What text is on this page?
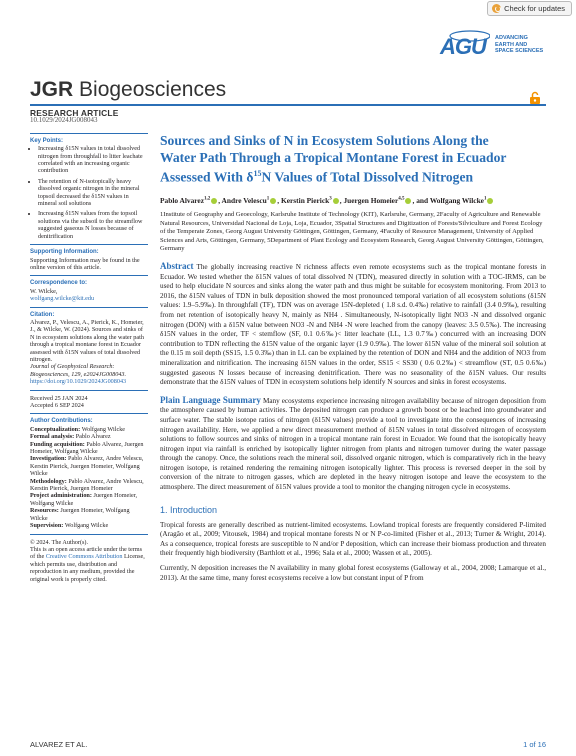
Check for updates
AGU ADVANCING
EARTH AND
SPACE SCIENCES
JGR Biogeosciences
RESEARCH ARTICLE
10.1029/2024JG008043
Key Points:
• Increasing δ15N values in total dissolved nitrogen from throughfall to litter leachate correlated with an increasing organic contribution
• The retention of N-isotopically heavy dissolved organic nitrogen in the mineral topsoil decreased the δ15N values in mineral soil solutions
• Increasing δ15N values from the topsoil solutions via the subsoil to the streamflow suggested gaseous N losses because of denitrification
Supporting Information:
Supporting Information may be found in the online version of this article.
Correspondence to:
W. Wilcke,
wolfgang.wilcke@kit.edu
Citation:
Alvarez, P., Velescu, A., Pierick, K., Homeier, J., & Wilcke, W. (2024). Sources and sinks of N in ecosystem solutions along the water path through a tropical montane forest in Ecuador assessed with δ15N values of total dissolved nitrogen.
Journal of Geophysical Research: Biogeosciences, 129, e2024JG008043.
https://doi.org/10.1029/2024JG008043
Received 25 JAN 2024
Accepted 6 SEP 2024
Author Contributions:
Conceptualization: Wolfgang Wilcke
Formal analysis: Pablo Alvarez
Funding acquisition: Pablo Alvarez, Juergen Homeier, Wolfgang Wilcke
Investigation: Pablo Alvarez, Andre Velescu, Kerstin Pierick, Juergen Homeier, Wolfgang Wilcke
Methodology: Pablo Alvarez, Andre Velescu, Kerstin Pierick, Juergen Homeier
Project administration: Juergen Homeier, Wolfgang Wilcke
Resources: Juergen Homeier, Wolfgang Wilcke
Supervision: Wolfgang Wilcke
© 2024. The Author(s).
This is an open access article under the terms of the Creative Commons Attribution License, which permits use, distribution and reproduction in any medium, provided the original work is properly cited.
Sources and Sinks of N in Ecosystem Solutions Along the
Water Path Through a Tropical Montane Forest in Ecuador
Assessed With $\delta^{15}N$ Values of Total Dissolved Nitrogen
Pablo Alvarez$^{1,2}$ , Andre Velescu$^1$ , Kerstin Pierick$^3$ , Juergen Homeier$^{4,5}$ , and Wolfgang Wilcke$^1$
1Institute of Geography and Geoecology, Karlsruhe Institute of Technology (KIT), Karlsruhe, Germany, 2Faculty of Agriculture and Renewable Natural Resources, Universidad Nacional de Loja, Loja, Ecuador, 3Spatial Structures and Digitization of Forests/Silviculture and Forest Ecology of the Temperate Zones, Georg August University Göttingen, Göttingen, Germany, 4Faculty of Resource Management, University of Applied Sciences and Arts, Göttingen, Germany, 5Department of Plant Ecology and Ecosystem Research, Georg August University Göttingen, Göttingen, Germany
Abstract The globally increasing reactive N richness affects even remote ecosystems such as the tropical montane forests in Ecuador. We tested whether the δ15N values of total dissolved N (TDN), measured directly in solution with a TOC-IRMS, can be used to help elucidate N sources and sinks along the water path and thus might be suitable for ecosystem monitoring. From 2013 to 2016, the δ15N values of TDN in bulk deposition showed the most pronounced temporal variation of all ecosystem solutions (δ15N values: 1.9–5.9‰). In throughfall (TF), TDN was on average 15N-depleted ( 1.8 s.d. 0.4‰) relative to rainfall (3.4 0.9‰), resulting from net retention of isotopically heavy N, mainly as NH4 . Simultaneously, N-isotopically light NO3 -N and dissolved organic nitrogen (DON) with a δ15N value between NO3 -N and NH4 -N were leached from the canopy (leaves: 3.5 0.5‰). The increasing δ15N values in the order, TF < stemflow (SF, 0.1 0.6‰)< litter leachate (LL, 1.3 0.7‰) concurred with an increasing DON contribution to TDN reflecting the δ15N value of the organic layer (1.9 0.9‰). The lower δ15N value of the mineral soil solution at the 0.15 m soil depth (SS15, 1.5 0.3‰) than in LL can be explained by the retention of DON and NH4 and the addition of NO3 from mineralization and nitrification. The increasing δ15N values in the order, SS15 < SS30 ( 0.6 0.2‰) < streamflow (ST, 0.5 0.6‰) suggested gaseous N losses because of increasing denitrification. There was no seasonality of the δ15N values. Our results demonstrate that the δ15N values of TDN in ecosystem solutions help identify N sources and sinks in forest ecosystems.
Plain Language Summary Many ecosystems experience increasing nitrogen availability because of nitrogen deposition from the atmosphere caused by human activities. The deposited nitrogen can produce a growth boost or be leached into groundwater and surface water. The stable isotope ratios of nitrogen (δ15N values) provide a tool to investigate into the consequences of increasing nitrogen availability. Here, we applied a new direct measurement method of δ15N values in total dissolved nitrogen of ecosystem solutions to follow sources and sinks of nitrogen in a tropical montane rain forest in Ecuador. We found that the isotopically heavy nitrogen input via rainfall is enriched by isotopically lighter nitrogen from plants and nitrogen turnover during the water passage through the canopy. Once, the solutions reach the mineral soil, dissolved organic nitrogen, which is comparatively rich in the heavy nitrogen isotope, is retained rendering the remaining nitrogen isotopically lighter. This process is reversed deeper in the soil by conversion of the nitrate to nitrogen gasses, which are depleted in the heavy nitrogen isotope and leave the ecosystem to the atmosphere. The direct measurement of δ15N values provide a tool to monitor the changing nitrogen cycle in ecosystems.
1. Introduction
Tropical forests are generally described as nutrient-limited ecosystems. Lowland tropical forests are frequently considered P-limited (Aragão et al., 2009; Vitousek, 1984) and tropical montane forests N or N P-co-limited (Fisher et al., 2013; Turner & Wright, 2014). As a consequence, tropical forests are susceptible to N and/or P deposition, which can increase their biomass production and threaten their frequently high biodiversity (Barthlott et al., 1996; Sala et al., 2000; Wassen et al., 2005).
Currently, N deposition increases the N availability in many global forest ecosystems (Galloway et al., 2004, 2008; Lamarque et al., 2013). At the same time, many forest ecosystems receive a low but constant input of P from
ALVAREZ ET AL.	1 of 16
